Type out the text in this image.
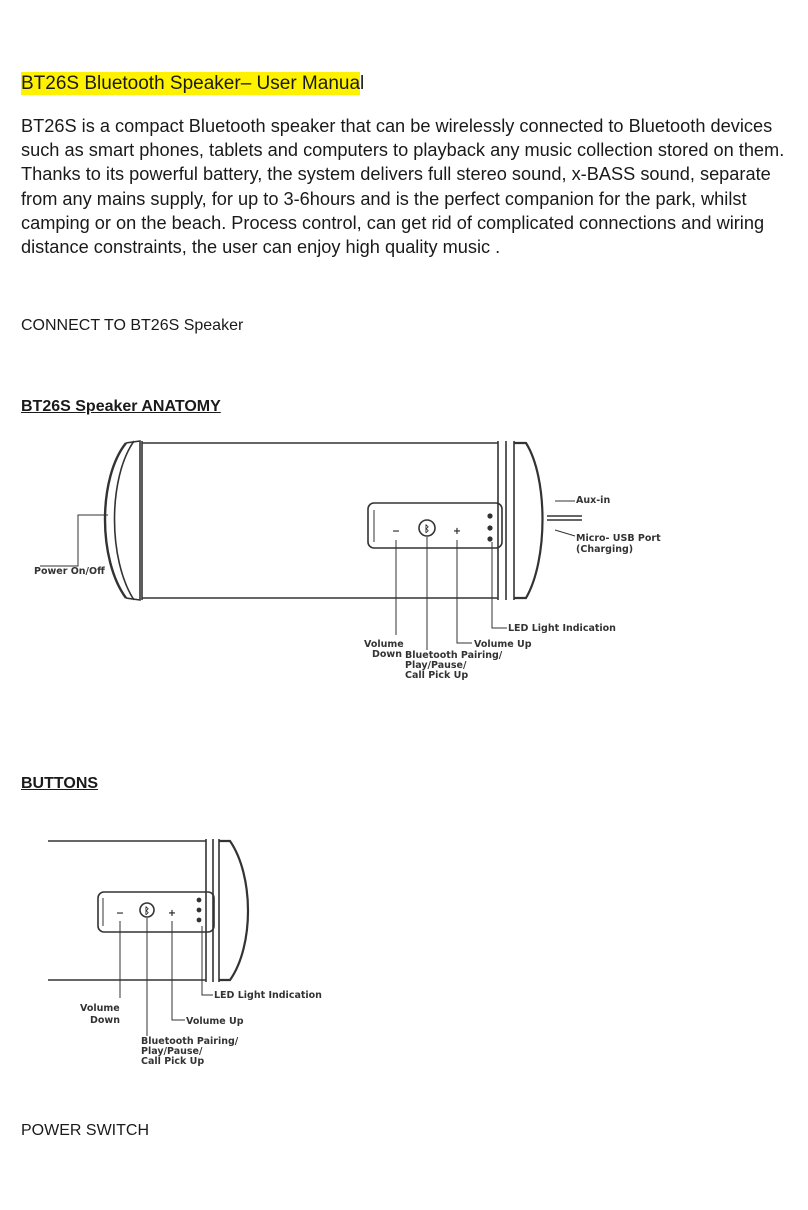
BT26S Bluetooth Speaker– User Manual
BT26S is a compact Bluetooth speaker that can be wirelessly connected to Bluetooth devices such as smart phones, tablets and computers to playback any music collection stored on them. Thanks to its powerful battery, the system delivers full stereo sound, x-BASS sound, separate from any mains supply, for up to 3-6hours and is the perfect companion for the park, whilst camping or on the beach. Process control, can get rid of complicated connections and wiring distance constraints, the user can enjoy high quality music .
CONNECT TO BT26S Speaker
BT26S Speaker ANATOMY
−	ᛒ +
Aux-in
Micro- USB Port
(Charging)
Power On/Off
LED Light Indication
Volume Up
Volume
Down Bluetooth Pairing/
Play/Pause/
Call Pick Up
BUTTONS
− ᛒ +
LED Light Indication
Volume Up
Volume
Down
Bluetooth Pairing/
Play/Pause/
Call Pick Up
POWER SWITCH
